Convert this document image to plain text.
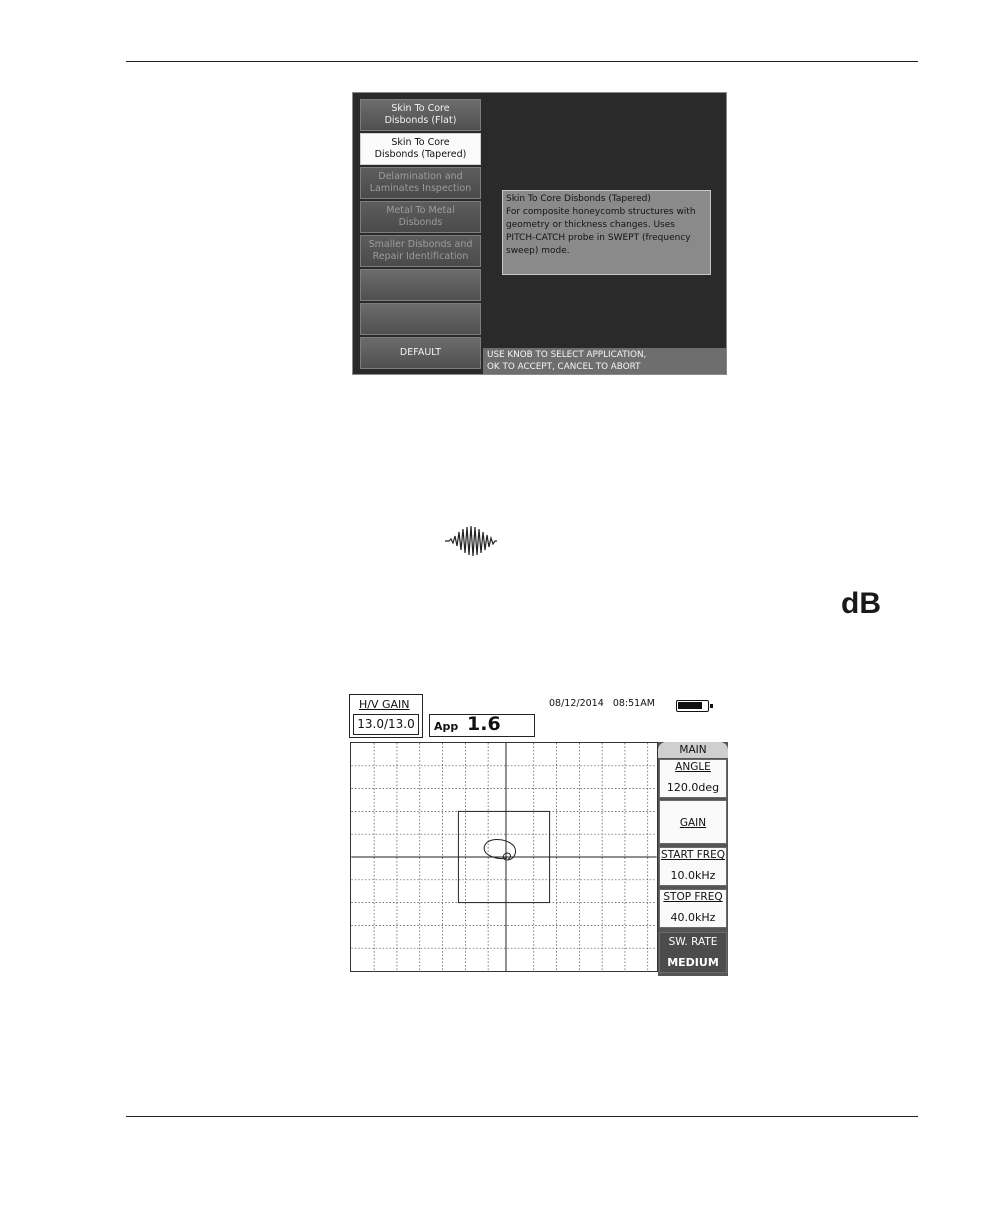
Skin To Core
Disbonds (Flat)
Skin To Core
Disbonds (Tapered)
Delamination and
Laminates Inspection
Metal To Metal
Disbonds
Smaller Disbonds and
Repair Identification
DEFAULT
Skin To Core Disbonds (Tapered)
For composite honeycomb structures with geometry or thickness changes. Uses PITCH-CATCH probe in SWEPT (frequency sweep) mode.
USE KNOB TO SELECT APPLICATION,
OK TO ACCEPT, CANCEL TO ABORT
dB
H/V GAIN
13.0/13.0	App 1.6
08/12/2014 08:51AM
MAIN
ANGLE
120.0deg
GAIN
START FREQ
10.0kHz
STOP FREQ
40.0kHz
SW. RATE
MEDIUM
